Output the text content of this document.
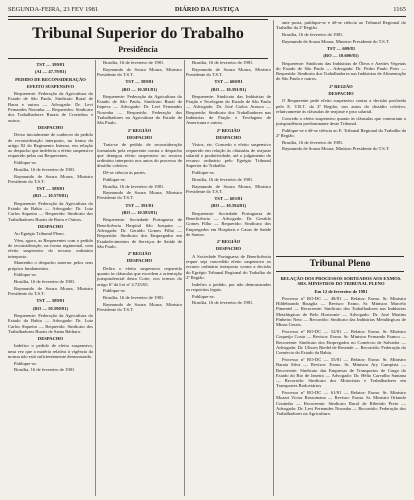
SEGUNDA-FEIRA, 23 FEV 1981	DIÁRIO DA JUSTIÇA	1165
Tribunal Superior do Trabalho
Presidência

TST — 399/81

(AI — 47.79/81)

PEDIDO DE RECONSIDERAÇÃO

EFEITO SUSPENSIVO

Requerente: Federação da Agricultura do Estado de São Paulo, Sindicato Rural de Barra e outros — Advogado: Dr. Levi Fernandes Noronha — Requeridos: Sindicato dos Trabalhadores Rurais de Cravinhos e outros.

DESPACHO

Deixo inicialmente de conhecer do pedido de reconsideração interposto, na forma do artigo 82 do Regimento Interno, em relação ao despacho que indeferiu o efeito suspensivo requerido pelas ora Requerentes.

Publique-se.

Brasília, 16 de fevereiro de 1981.

Raymundo de Souza Moura, Ministro Presidente do T.S.T.

TST — 588/81

(RO — 10.578/81)

Requerente: Federação da Agricultura do Estado da Bahia — Advogado: Dr. Luiz Carlos Siqueira — Requerido: Sindicato dos Trabalhadores Rurais de Barra e Outros.

DESPACHO

Ao Egrégio Tribunal Pleno.

Vêm, agora, as Requerentes com o pedido de reconsideração, na forma regimental, com efeito suspensivo do recurso ordinário interposto.

Mantenho o despacho anterior pelos seus próprios fundamentos.

Publique-se.

Brasília, 16 de fevereiro de 1981.

Raymundo de Souza Moura, Ministro Presidente do T.S.T.

TST — 589/81

(RO — 50.590/81)

Requerente: Federação da Agricultura do Estado da Bahia — Advogado: Dr. Luiz Carlos Siqueira — Requerido: Sindicato dos Trabalhadores Rurais de Santa Bárbara.

DESPACHO

Indefiro o pedido de efeito suspensivo, uma vez que a matéria relativa à vigência da norma não está suficientemente demonstrada.

Publique-se.

Brasília, 16 de fevereiro de 1981.

Brasília, 16 de fevereiro de 1981.

Raymundo de Souza Moura, Ministro Presidente do T.S.T.

TST — 589/81

(RO — 10.581/81)

Requerente: Federação da Agricultura do Estado de São Paulo, Sindicato Rural de Itapeva — Advogado: Dr. Levi Fernandes Noronha — Requerido: Federação dos Trabalhadores na Agricultura do Estado de São Paulo.

2ª REGIÃO

DESPACHO

Trata-se de pedido de reconsideração formulado pela requerente contra o despacho que denegou efeito suspensivo ao recurso ordinário interposto nos autos do processo de dissídio coletivo.

Dê-se ciência às partes.

Publique-se.

Brasília, 16 de fevereiro de 1981.

Raymundo de Souza Moura, Ministro Presidente do T.S.T.

TST — 591/81

(RO — 10.583/81)

Requerente: Sociedade Portuguesa de Beneficência Hospital São Joaquim — Advogado: Dr. Geraldo Gomes Filho — Requerido: Sindicato dos Empregados em Estabelecimentos de Serviços de Saúde de São Paulo.

2ª REGIÃO

DESPACHO

Defiro o efeito suspensivo requerido quanto às cláusulas que excedem a orientação jurisprudencial desta Corte, nos termos do artigo 6º da Lei nº 4.725/65.

Publique-se.

Brasília, 16 de fevereiro de 1981.

Raymundo de Souza Moura, Ministro Presidente do T.S.T.

Brasília, 16 de fevereiro de 1981.

Raymundo de Souza Moura, Ministro Presidente do T.S.T.

TST — 600/81

(RO — 10.591/81)

Requerente: Sindicato das Indústrias de Fiação e Tecelagem do Estado de São Paulo — Advogado: Dr. José Carlos Arouca — Requerido: Sindicato dos Trabalhadores nas Indústrias de Fiação e Tecelagem de Americana e outros.

2ª REGIÃO

DESPACHO

Vistos, etc. Concedo o efeito suspensivo requerido em relação às cláusulas de reajuste salarial e produtividade, até o julgamento do recurso ordinário pelo Egrégio Tribunal Superior do Trabalho.

Publique-se.

Brasília, 16 de fevereiro de 1981.

Raymundo de Souza Moura, Ministro Presidente do T.S.T.

TST — 603/81

(RO — 10.594/81)

Requerente: Sociedade Portuguesa de Beneficência — Advogado: Dr. Geraldo Gomes Filho — Requerido: Sindicato dos Empregados em Hospitais e Casas de Saúde de Santos.

2ª REGIÃO

DESPACHO

A Sociedade Portuguesa de Beneficência requer seja concedido efeito suspensivo ao recurso ordinário interposto contra a decisão do Egrégio Tribunal Regional do Trabalho da 2ª Região.

Indefiro o pedido, por não demonstrados os requisitos legais.

Publique-se.

Brasília, 16 de fevereiro de 1981.

ante posta, publique-se e dê-se ciência ao Tribunal Regional do Trabalho da 2ª Região.

Brasília, 16 de fevereiro de 1981.

Raymundo de Souza Moura, Ministro Presidente do T.S.T.

TST — 609/81

(RO — 10.600/81)

Requerente: Sindicato das Indústrias de Óleos e Azeites Vegetais do Estado de São Paulo — Advogado: Dr. Pedro Paulo Pires — Requerido: Sindicato dos Trabalhadores nas Indústrias de Alimentação de São Paulo e outros.

2ª REGIÃO

DESPACHO

O Requerente pede efeito suspensivo contra a decisão proferida pelo E. T.R.T. da 2ª Região, nos autos do dissídio coletivo, relativamente às cláusulas de reajuste e piso salarial.

Concedo o efeito suspensivo quanto às cláusulas que contrariam a jurisprudência predominante deste Tribunal.

Publique-se e dê-se ciência ao E. Tribunal Regional do Trabalho da 2ª Região.

Brasília, 16 de fevereiro de 1981.

Raymundo de Souza Moura, Ministro Presidente do T.S.T.

Tribunal Pleno

RELAÇÃO DOS PROCESSOS SORTEADOS AOS EXMOS. SRS. MINISTROS DO TRIBUNAL PLENO

Em 12 de fevereiro de 1981

Processo nº RO-DC — 48/81 — Relator: Exmo. Sr. Ministro Hildebrando Bisaglia — Revisor: Exmo. Sr. Ministro Marcelo Pimentel — Recorrente: Sindicato dos Trabalhadores nas Indústrias Metalúrgicas de Belo Horizonte — Advogado: Dr. José Martins Pinheiro Neto — Recorrido: Sindicato das Indústrias Metalúrgicas de Minas Gerais.

Processo nº RO-DC — 52/81 — Relator: Exmo. Sr. Ministro Coqueijo Costa — Revisor: Exmo. Sr. Ministro Fernando Franco — Recorrente: Sindicato dos Empregados no Comércio de Salvador — Advogado: Dr. Ulisses Riedel de Resende — Recorrido: Federação do Comércio do Estado da Bahia.

Processo nº RO-DC — 55/81 — Relator: Exmo. Sr. Ministro Barata Silva — Revisor: Exmo. Sr. Ministro Ary Campista — Recorrente: Sindicato das Empresas de Transportes de Carga do Estado do Rio de Janeiro — Advogado: Dr. Hélio Carvalho Santana — Recorrido: Sindicato dos Motoristas e Trabalhadores em Transportes Rodoviários.

Processo nº RO-DC — 61/81 — Relator: Exmo. Sr. Ministro Mozart Victor Russomano — Revisor: Exmo. Sr. Ministro Orlando Coutinho — Recorrente: Sindicato Rural de Ribeirão Preto — Advogado: Dr. Levi Fernandes Noronha — Recorrido: Federação dos Trabalhadores na Agricultura.
